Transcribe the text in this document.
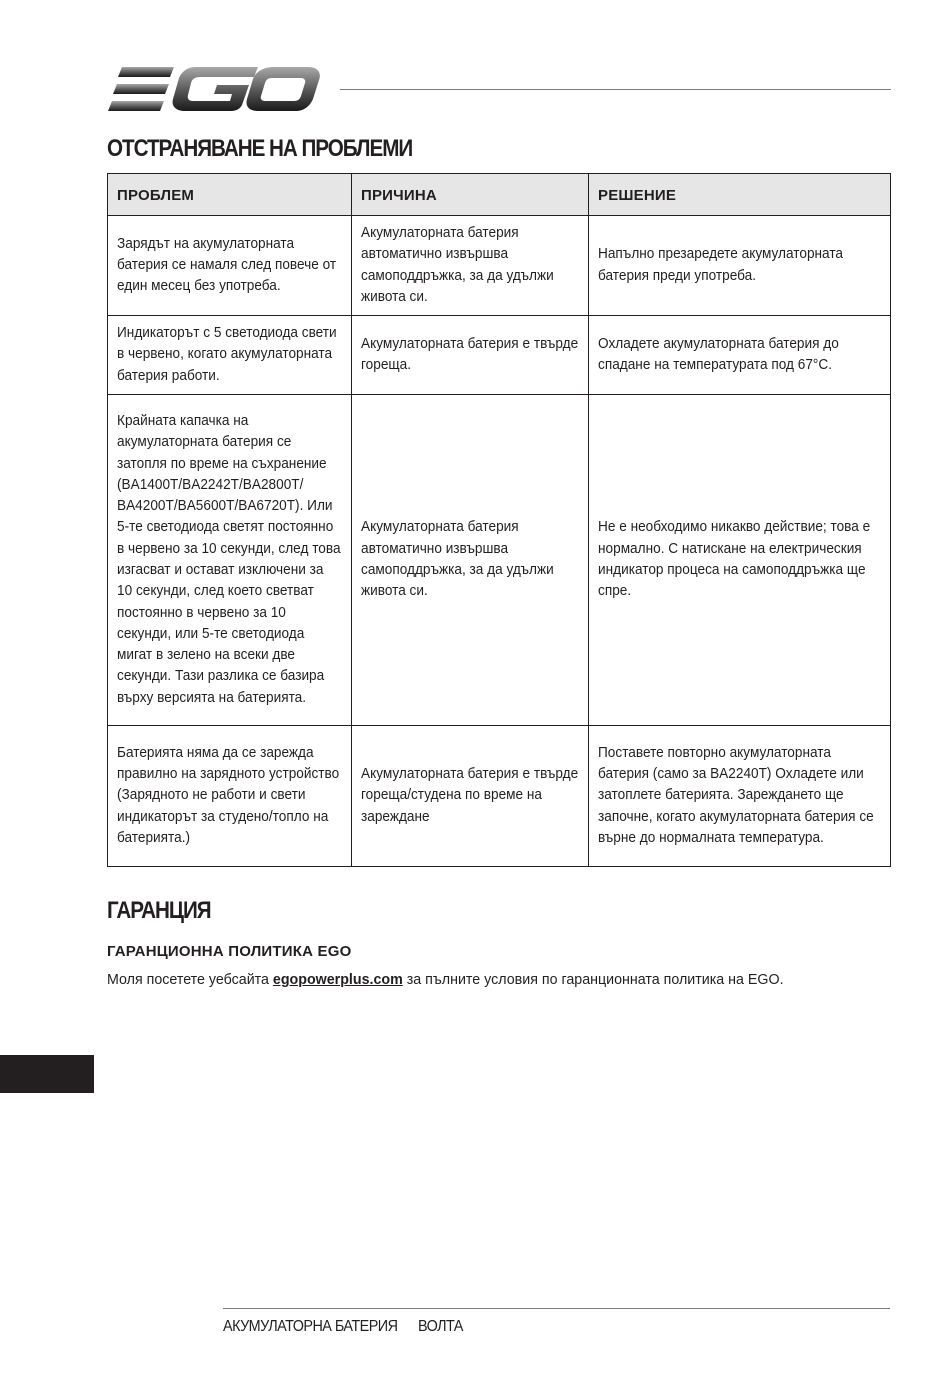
ОТСТРАНЯВАНЕ НА ПРОБЛЕМИ
ПРОБЛЕМ	ПРИЧИНА	РЕШЕНИЕ

Зарядът на акумулаторната батерия се намаля след повече от един месец без употреба.	Акумулаторната батерия автоматично извършва самоподдръжка, за да удължи живота си.	Напълно презаредете акумулаторната батерия преди употреба.

Индикаторът с 5 светодиода свети в червено, когато акумулаторната батерия работи.	Акумулаторната батерия е твърде гореща.	Охладете акумулаторната батерия до спадане на температурата под 67°C.

Крайната капачка на акумулаторната батерия се затопля по време на съхранение (BA1400T/BA2242T/BA2800T/ BA4200T/BA5600T/BA6720T). Или 5-те светодиода светят постоянно в червено за 10 секунди, след това изгасват и остават изключени за 10 секунди, след което светват постоянно в червено за 10 секунди, или 5-те светодиода мигат в зелено на всеки две секунди. Тази разлика се базира върху версията на батерията.	Акумулаторната батерия автоматично извършва самоподдръжка, за да удължи живота си.	Не е необходимо никакво действие; това е нормално. С натискане на електрическия индикатор процеса на самоподдръжка ще спре.

Батерията няма да се зарежда правилно на зарядното устройство (Зарядното не работи и свети индикаторът за студено/топло на батерията.)	Акумулаторната батерия е твърде гореща/студена по време на зареждане	Поставете повторно акумулаторната батерия (само за BA2240T) Охладете или затоплете батерията. Зареждането ще започне, когато акумулаторната батерия се върне до нормалната температура.
ГАРАНЦИЯ
ГАРАНЦИОННА ПОЛИТИКА EGO

Моля посетете уебсайта egopowerplus.com за пълните условия по гаранционната политика на EGO.

АКУМУЛАТОРНА БАТЕРИЯ ВОЛТА
